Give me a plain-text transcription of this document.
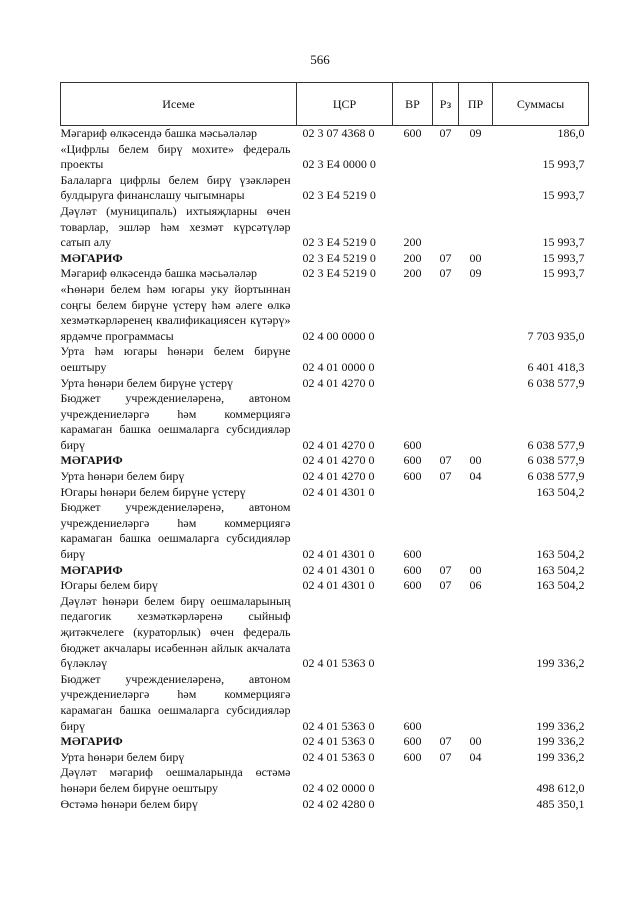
566
Исеме	ЦСР	ВР	Рз	ПР	Суммасы
Мәгариф өлкәсендә башка мәсьәләләр	02 3 07 4368 0	600	07	09	186,0
«Цифрлы белем бирү мохите» федераль проекты	02 3 E4 0000 0				15 993,7
Балаларга цифрлы белем бирү үзәкләрен булдыруга финанслашу чыгымнары	02 3 E4 5219 0				15 993,7
Дәүләт (муниципаль) ихтыяҗларны өчен товарлар, эшләр һәм хезмәт күрсәтүләр сатып алу	02 3 E4 5219 0	200			15 993,7
МӘГАРИФ	02 3 E4 5219 0	200	07	00	15 993,7
Мәгариф өлкәсендә башка мәсьәләләр	02 3 E4 5219 0	200	07	09	15 993,7
«Һөнәри белем һәм югары уку йортыннан соңгы белем бирүне үстерү һәм әлеге өлкә хезмәткәрләренең квалификациясен күтәрү» ярдәмче программасы	02 4 00 0000 0				7 703 935,0
Урта һәм югары һөнәри белем бирүне оештыру	02 4 01 0000 0				6 401 418,3
Урта һөнәри белем бирүне үстерү	02 4 01 4270 0				6 038 577,9
Бюджет учреждениеләренә, автоном учреждениеләргә һәм коммерциягә карамаган башка оешмаларга субсидияләр бирү	02 4 01 4270 0	600			6 038 577,9
МӘГАРИФ	02 4 01 4270 0	600	07	00	6 038 577,9
Урта һөнәри белем бирү	02 4 01 4270 0	600	07	04	6 038 577,9
Югары һөнәри белем бирүне үстерү	02 4 01 4301 0				163 504,2
Бюджет учреждениеләренә, автоном учреждениеләргә һәм коммерциягә карамаган башка оешмаларга субсидияләр бирү	02 4 01 4301 0	600			163 504,2
МӘГАРИФ	02 4 01 4301 0	600	07	00	163 504,2
Югары белем бирү	02 4 01 4301 0	600	07	06	163 504,2
Дәүләт һөнәри белем бирү оешмаларының педагогик хезмәткәрләренә сыйныф җитәкчелеге (кураторлык) өчен федераль бюджет акчалары исәбеннән айлык акчалата бүләкләү	02 4 01 5363 0				199 336,2
Бюджет учреждениеләренә, автоном учреждениеләргә һәм коммерциягә карамаган башка оешмаларга субсидияләр бирү	02 4 01 5363 0	600			199 336,2
МӘГАРИФ	02 4 01 5363 0	600	07	00	199 336,2
Урта һөнәри белем бирү	02 4 01 5363 0	600	07	04	199 336,2
Дәүләт мәгариф оешмаларында өстәмә һөнәри белем бирүне оештыру	02 4 02 0000 0				498 612,0
Өстәмә һөнәри белем бирү	02 4 02 4280 0				485 350,1
